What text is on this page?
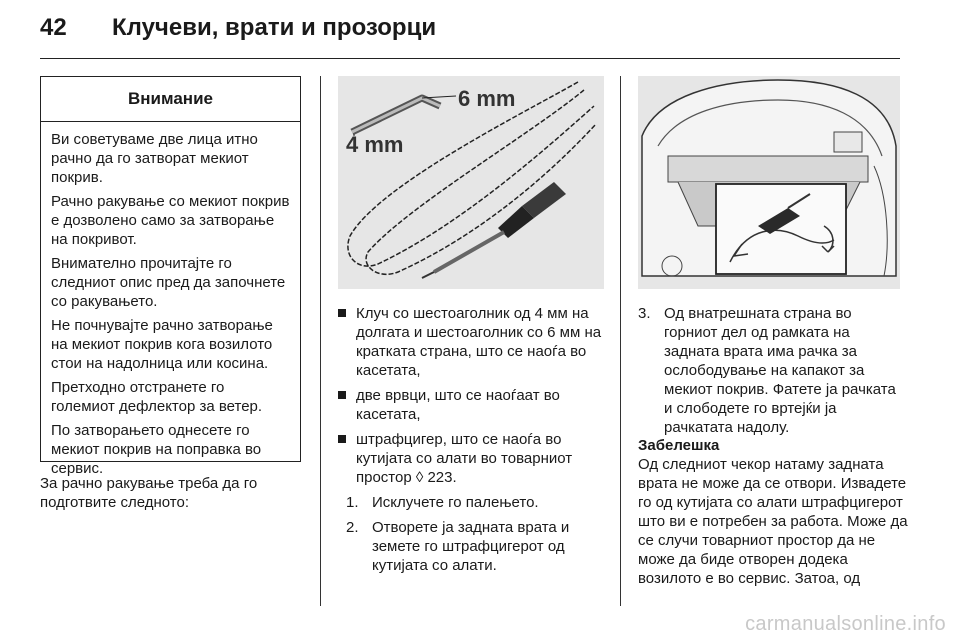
42 Клучеви, врати и прозорци
Внимание

Ви советуваме две лица итно рачно да го затворат мекиот покрив.

Рачно ракување со мекиот покрив е дозволено само за затворање на покривот.

Внимателно прочитајте го следниот опис пред да започнете со ракувањето.

Не почнувајте рачно затворање на мекиот покрив кога возилото стои на надолница или косина.

Претходно отстранете го големиот дефлектор за ветер.

По затворањето однесете го мекиот покрив на поправка во сервис.

За рачно ракување треба да го подготвите следното:
6 mm
4 mm
Клуч со шестоаголник од 4 мм на долгата и шестоаголник со 6 мм на кратката страна, што се наоѓа во касетата,
две врвци, што се наоѓаат во касетата,
штрафцигер, што се наоѓа во кутијата со алати во товарниот простор ◊ 223.
1. Исклучете го палењето.
2. Отворете ја задната врата и земете го штрафцигерот од кутијата со алати.
3. Од внатрешната страна во горниот дел од рамката на задната врата има рачка за ослободување на капакот за мекиот покрив. Фатете ја рачката и слободете го вртејќи ја рачкатата надолу.
Забелешка
Од следниот чекор натаму задната врата не може да се отвори. Извадете го од кутијата со алати штрафцигерот што ви е потребен за работа. Може да се случи товарниот простор да не може да биде отворен додека возилото е во сервис. Затоа, од
carmanualsonline.info
